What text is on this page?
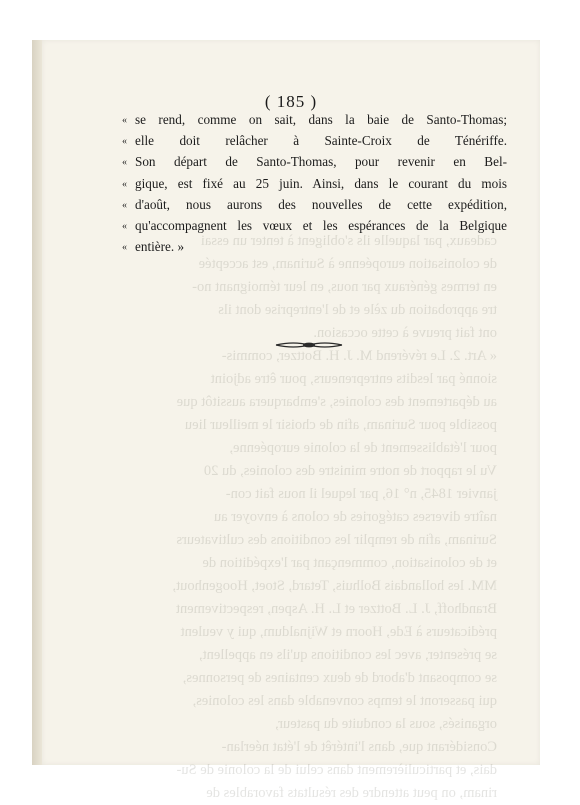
cadeaux, par laquelle ils s'obligent à tenter un essai
de colonisation européenne à Surinam, est acceptée
en termes généraux par nous, en leur témoignant no-
tre approbation du zèle et de l'entreprise dont ils
ont fait preuve à cette occasion.
« Art. 2. Le révérend M. J. H. Bottzer, commis-
sionné par lesdits entrepreneurs, pour être adjoint
au département des colonies, s'embarquera aussitôt que
possible pour Surinam, afin de choisir le meilleur lieu
pour l'établissement de la colonie européenne,
Vu le rapport de notre ministre des colonies, du 20
janvier 1845, n° 16, par lequel il nous fait con-
naître diverses catégories de colons à envoyer au
Surinam, afin de remplir les conditions des cultivateurs
et de colonisation, commençant par l'expédition de
MM. les hollandais Bolhuis, Tetard, Stoet, Hoogenhout,
Brandhoff, J. L. Bottzer et L. H. Aspen, respectivement
prédicateurs à Ede, Hoorn et Wijnaldum, qui y veulent
se présenter, avec les conditions qu'ils en appellent,
se composant d'abord de deux centaines de personnes,
qui passeront le temps convenable dans les colonies,
organisés, sous la conduite du pasteur,
Considérant que, dans l'intérêt de l'état néerlan-
dais, et particulièrement dans celui de la colonie de Su-
rinam, on peut attendre des résultats favorables de
( 185 )
« se rend, comme on sait, dans la baie de Santo-Thomas;
« elle doit relâcher à Sainte-Croix de Ténériffe.
« Son départ de Santo-Thomas, pour revenir en Bel-
« gique, est fixé au 25 juin. Ainsi, dans le courant du mois
« d'août, nous aurons des nouvelles de cette expédition,
« qu'accompagnent les vœux et les espérances de la Belgique
« entière. »
